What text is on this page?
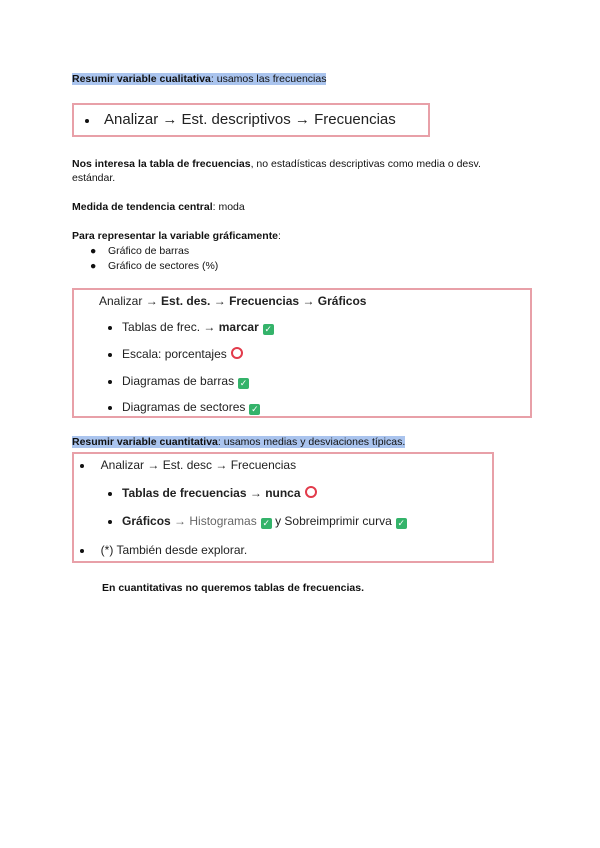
Resumir variable cualitativa: usamos las frecuencias
Analizar → Est. descriptivos → Frecuencias
Nos interesa la tabla de frecuencias, no estadísticas descriptivas como media o desv.
estándar.
Medida de tendencia central: moda
Para representar la variable gráficamente:
● Gráfico de barras
● Gráfico de sectores (%)
Analizar → Est. des. → Frecuencias → Gráficos
Tablas de frec. → marcar ✓
Escala: porcentajes
Diagramas de barras ✓
Diagramas de sectores ✓
Resumir variable cuantitativa: usamos medias y desviaciones típicas.
Analizar → Est. desc → Frecuencias
Tablas de frecuencias → nunca
Gráficos → Histogramas ✓ y Sobreimprimir curva ✓
(*) También desde explorar.
En cuantitativas no queremos tablas de frecuencias.
